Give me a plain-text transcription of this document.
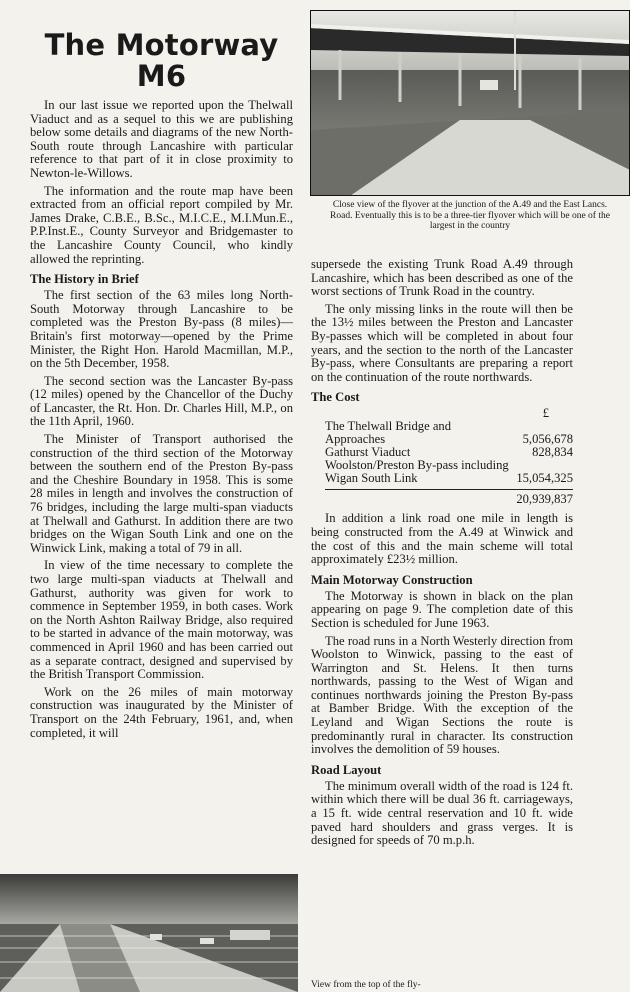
Close view of the flyover at the junction of the A.49 and the East Lancs. Road. Eventually this is to be a three-tier flyover which will be one of the largest in the country
The Motorway
M6

In our last issue we reported upon the Thelwall Viaduct and as a sequel to this we are publishing below some details and diagrams of the new North-South route through Lancashire with particular reference to that part of it in close proximity to Newton-le-Willows.

The information and the route map have been extracted from an official report compiled by Mr. James Drake, C.B.E., B.Sc., M.I.C.E., M.I.Mun.E., P.P.Inst.E., County Surveyor and Bridgemaster to the Lancashire County Council, who kindly allowed the reprinting.

The History in Brief

The first section of the 63 miles long North-South Motorway through Lancashire to be completed was the Preston By-pass (8 miles)—Britain's first motorway—opened by the Prime Minister, the Right Hon. Harold Macmillan, M.P., on the 5th December, 1958.

The second section was the Lancaster By-pass (12 miles) opened by the Chancellor of the Duchy of Lancaster, the Rt. Hon. Dr. Charles Hill, M.P., on the 11th April, 1960.

The Minister of Transport authorised the construction of the third section of the Motorway between the southern end of the Preston By-pass and the Cheshire Boundary in 1958. This is some 28 miles in length and involves the construction of 76 bridges, including the large multi-span viaducts at Thelwall and Gathurst. In addition there are two bridges on the Wigan South Link and one on the Winwick Link, making a total of 79 in all.

In view of the time necessary to complete the two large multi-span viaducts at Thelwall and Gathurst, authority was given for work to commence in September 1959, in both cases. Work on the North Ashton Railway Bridge, also required to be started in advance of the main motorway, was commenced in April 1960 and has been carried out as a separate contract, designed and supervised by the British Transport Commission.

Work on the 26 miles of main motorway construction was inaugurated by the Minister of Transport on the 24th February, 1961, and, when completed, it will

supersede the existing Trunk Road A.49 through Lancashire, which has been described as one of the worst sections of Trunk Road in the country.

The only missing links in the route will then be the 13½ miles between the Preston and Lancaster By-passes which will be completed in about four years, and the section to the north of the Lancaster By-pass, where Consultants are preparing a report on the continuation of the route northwards.

The Cost
£
The Thelwall Bridge and Approaches	5,056,678
Gathurst Viaduct	828,834
Woolston/Preston By-pass including Wigan South Link	15,054,325
20,939,837

In addition a link road one mile in length is being constructed from the A.49 at Winwick and the cost of this and the main scheme will total approximately £23½ million.

Main Motorway Construction

The Motorway is shown in black on the plan appearing on page 9. The completion date of this Section is scheduled for June 1963.

The road runs in a North Westerly direction from Woolston to Winwick, passing to the east of Warrington and St. Helens. It then turns northwards, passing to the West of Wigan and continues northwards joining the Preston By-pass at Bamber Bridge. With the exception of the Leyland and Wigan Sections the route is predominantly rural in character. Its construction involves the demolition of 59 houses.

Road Layout

The minimum overall width of the road is 124 ft. within which there will be dual 36 ft. carriageways, a 15 ft. wide central reservation and 10 ft. wide paved hard shoulders and grass verges. It is designed for speeds of 70 m.p.h.

View from the top of the fly-
